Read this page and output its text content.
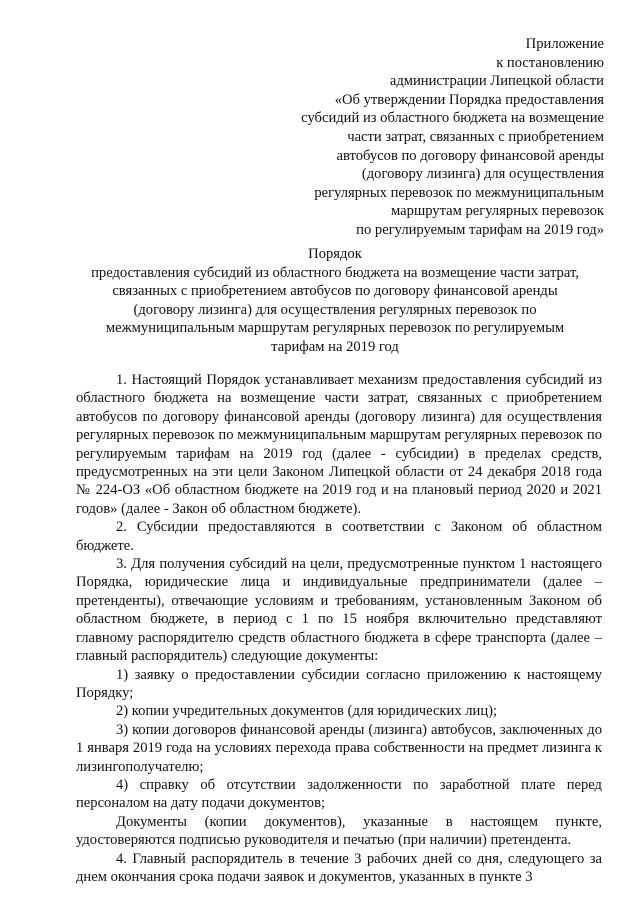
Приложение
к постановлению
администрации Липецкой области
«Об утверждении Порядка предоставления
субсидий из областного бюджета на возмещение
части затрат, связанных с приобретением
автобусов по договору финансовой аренды
(договору лизинга) для осуществления
регулярных перевозок по межмуниципальным
маршрутам регулярных перевозок
по регулируемым тарифам на 2019 год»
Порядок
предоставления субсидий из областного бюджета на возмещение части затрат,
связанных с приобретением автобусов по договору финансовой аренды
(договору лизинга) для осуществления регулярных перевозок по
межмуниципальным маршрутам регулярных перевозок по регулируемым
тарифам на 2019 год

1. Настоящий Порядок устанавливает механизм предоставления субсидий из областного бюджета на возмещение части затрат, связанных с приобретением автобусов по договору финансовой аренды (договору лизинга) для осуществления регулярных перевозок по межмуниципальным маршрутам регулярных перевозок по регулируемым тарифам на 2019 год (далее - субсидии) в пределах средств, предусмотренных на эти цели Законом Липецкой области от 24 декабря 2018 года № 224-ОЗ «Об областном бюджете на 2019 год и на плановый период 2020 и 2021 годов» (далее - Закон об областном бюджете).

2. Субсидии предоставляются в соответствии с Законом об областном бюджете.

3. Для получения субсидий на цели, предусмотренные пунктом 1 настоящего Порядка, юридические лица и индивидуальные предприниматели (далее – претенденты), отвечающие условиям и требованиям, установленным Законом об областном бюджете, в период с 1 по 15 ноября включительно представляют главному распорядителю средств областного бюджета в сфере транспорта (далее – главный распорядитель) следующие документы:

1) заявку о предоставлении субсидии согласно приложению к настоящему Порядку;

2) копии учредительных документов (для юридических лиц);

3) копии договоров финансовой аренды (лизинга) автобусов, заключенных до 1 января 2019 года на условиях перехода права собственности на предмет лизинга к лизингополучателю;

4) справку об отсутствии задолженности по заработной плате перед персоналом на дату подачи документов;

Документы (копии документов), указанные в настоящем пункте, удостоверяются подписью руководителя и печатью (при наличии) претендента.

4. Главный распорядитель в течение 3 рабочих дней со дня, следующего за днем окончания срока подачи заявок и документов, указанных в пункте 3
